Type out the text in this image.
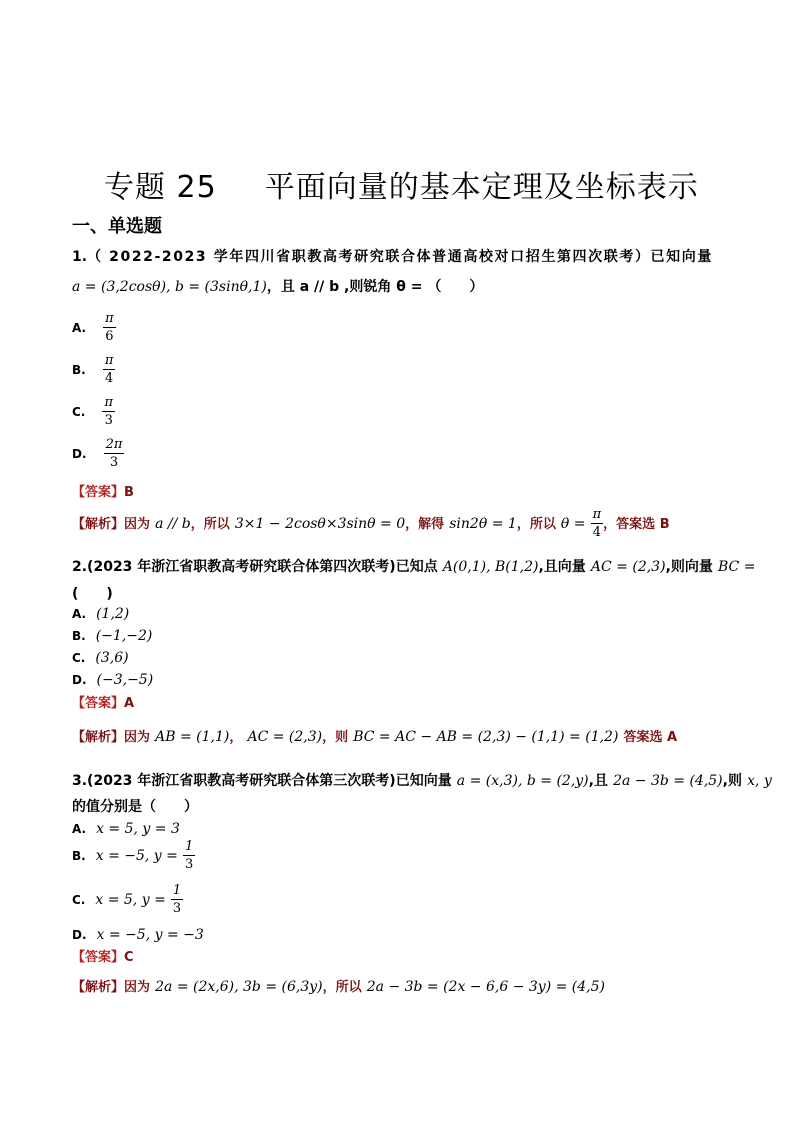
专题 25 平面向量的基本定理及坐标表示
一、单选题
1.（ 2022-2023 学年四川省职教高考研究联合体普通高校对口招生第四次联考）已知向量
a = (3,2cosθ), b = (3sinθ,1)，且 a // b ,则锐角 θ = （　　）
A. $\frac{\pi}{6}$
B. $\frac{\pi}{4}$
C. $\frac{\pi}{3}$
D. $\frac{2\pi}{3}$
【答案】B
【解析】因为 a // b，所以 3×1 − 2cosθ×3sinθ = 0，解得 sin2θ = 1，所以 $\theta = \frac{\pi}{4}$ ，答案选 B
2.(2023 年浙江省职教高考研究联合体第四次联考)已知点 A(0,1), B(1,2),且向量 AC = (2,3),则向量 BC =
(　　)
A. (1,2)
B. (−1,−2)
C. (3,6)
D. (−3,−5)
【答案】A
【解析】因为 AB = (1,1)， AC = (2,3)，则 BC = AC − AB = (2,3) − (1,1) = (1,2) 答案选 A
3.(2023 年浙江省职教高考研究联合体第三次联考)已知向量 a = (x,3), b = (2,y),且 2a − 3b = (4,5),则 x, y
的值分别是（　　）
A. x = 5, y = 3
B. x = −5, $y = \frac{1}{3}$
C. x = 5, $y = \frac{1}{3}$
D. x = −5, y = −3
【答案】C
【解析】因为 2a = (2x,6), 3b = (6,3y)，所以 2a − 3b = (2x − 6,6 − 3y) = (4,5)
